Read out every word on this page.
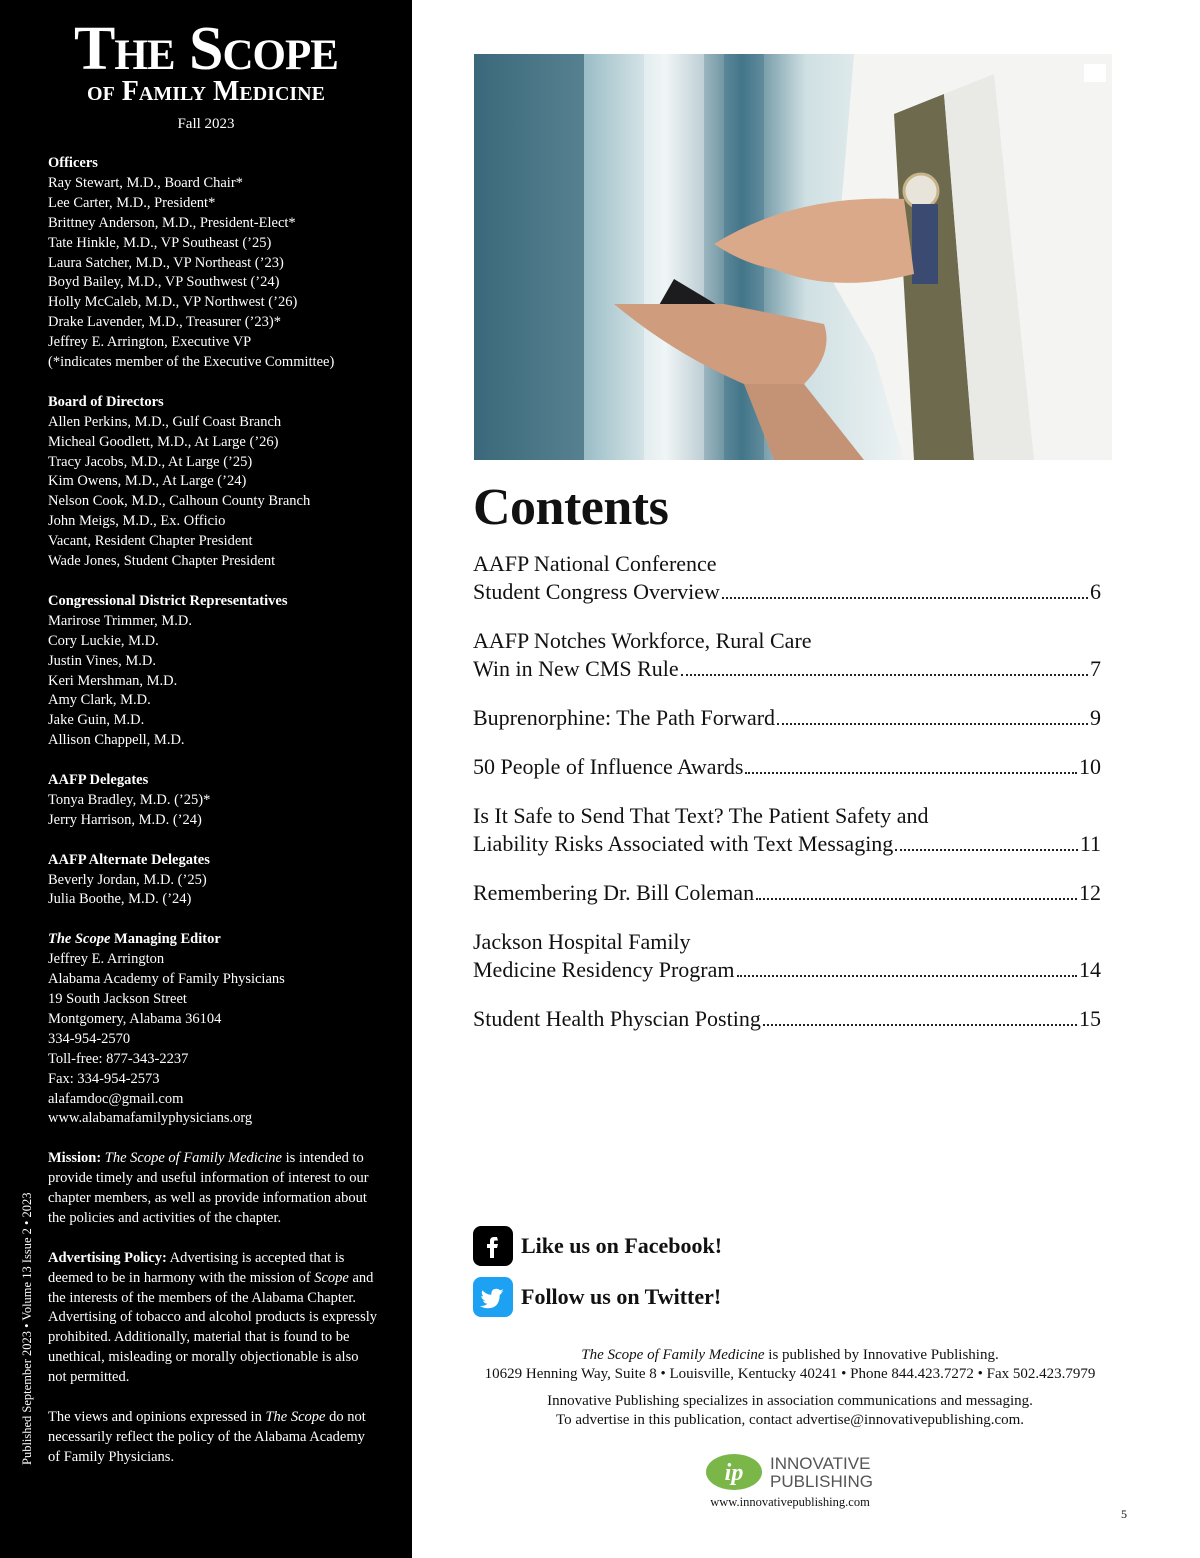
The Scope
of Family Medicine
Fall 2023
Officers
Ray Stewart, M.D., Board Chair*
Lee Carter, M.D., President*
Brittney Anderson, M.D., President-Elect*
Tate Hinkle, M.D., VP Southeast (’25)
Laura Satcher, M.D., VP Northeast (’23)
Boyd Bailey, M.D., VP Southwest (’24)
Holly McCaleb, M.D., VP Northwest (’26)
Drake Lavender, M.D., Treasurer (’23)*
Jeffrey E. Arrington, Executive VP
(*indicates member of the Executive Committee)
Board of Directors
Allen Perkins, M.D., Gulf Coast Branch
Micheal Goodlett, M.D., At Large (’26)
Tracy Jacobs, M.D., At Large (’25)
Kim Owens, M.D., At Large (’24)
Nelson Cook, M.D., Calhoun County Branch
John Meigs, M.D., Ex. Officio
Vacant, Resident Chapter President
Wade Jones, Student Chapter President
Congressional District Representatives
Marirose Trimmer, M.D.
Cory Luckie, M.D.
Justin Vines, M.D.
Keri Mershman, M.D.
Amy Clark, M.D.
Jake Guin, M.D.
Allison Chappell, M.D.
AAFP Delegates
Tonya Bradley, M.D. (’25)*
Jerry Harrison, M.D. (’24)
AAFP Alternate Delegates
Beverly Jordan, M.D. (’25)
Julia Boothe, M.D. (’24)
The Scope Managing Editor
Jeffrey E. Arrington
Alabama Academy of Family Physicians
19 South Jackson Street
Montgomery, Alabama 36104
334-954-2570
Toll-free: 877-343-2237
Fax: 334-954-2573
alafamdoc@gmail.com
www.alabamafamilyphysicians.org

Mission: The Scope of Family Medicine is intended to provide timely and useful information of interest to our chapter members, as well as provide information about the policies and activities of the chapter.

Advertising Policy: Advertising is accepted that is deemed to be in harmony with the mission of Scope and the interests of the members of the Alabama Chapter. Advertising of tobacco and alcohol products is expressly prohibited. Additionally, material that is found to be unethical, misleading or morally objectionable is also not permitted.

The views and opinions expressed in The Scope do not necessarily reflect the policy of the Alabama Academy of Family Physicians.

Published September 2023 • Volume 13 Issue 2 • 2023
Contents
AAFP National Conference
Student Congress Overview	6
AAFP Notches Workforce, Rural Care
Win in New CMS Rule	7
Buprenorphine: The Path Forward	9
50 People of Influence Awards	10
Is It Safe to Send That Text? The Patient Safety and
Liability Risks Associated with Text Messaging	11
Remembering Dr. Bill Coleman	12
Jackson Hospital Family
Medicine Residency Program	14
Student Health Physcian Posting	15
Like us on Facebook!
Follow us on Twitter!

The Scope of Family Medicine is published by Innovative Publishing.

10629 Henning Way, Suite 8 • Louisville, Kentucky 40241 • Phone 844.423.7272 • Fax 502.423.7979

Innovative Publishing specializes in association communications and messaging.

To advertise in this publication, contact advertise@innovativepublishing.com.

ip INNOVATIVE
PUBLISHING
www.innovativepublishing.com
5
